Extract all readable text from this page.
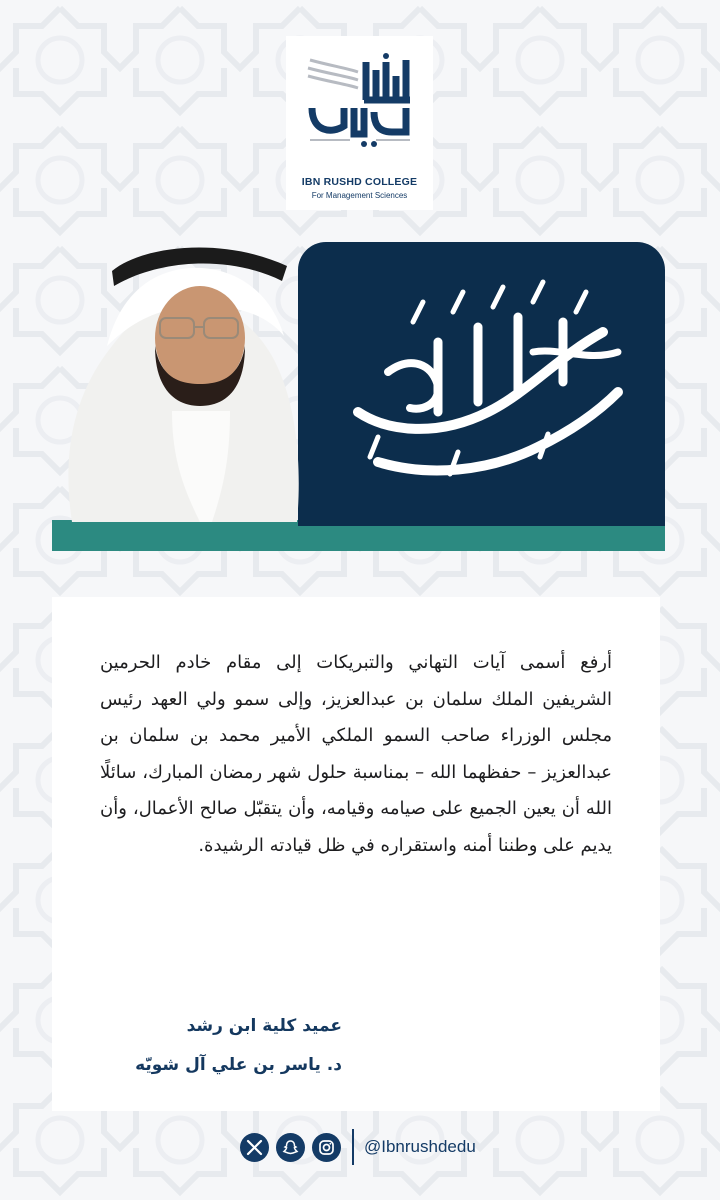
IBN RUSHD COLLEGE
For Management Sciences
أرفع أسمى آيات التهاني والتبريكات إلى مقام خادم الحرمين الشريفين الملك سلمان بن عبدالعزيز، وإلى سمو ولي العهد رئيس مجلس الوزراء صاحب السمو الملكي الأمير محمد بن سلمان بن عبدالعزيز – حفظهما الله – بمناسبة حلول شهر رمضان المبارك، سائلًا الله أن يعين الجميع على صيامه وقيامه، وأن يتقبّل صالح الأعمال، وأن يديم على وطننا أمنه واستقراره في ظل قيادته الرشيدة.
عميد كلية ابن رشد
د. ياسر بن علي آل شويّه
@Ibnrushdedu
